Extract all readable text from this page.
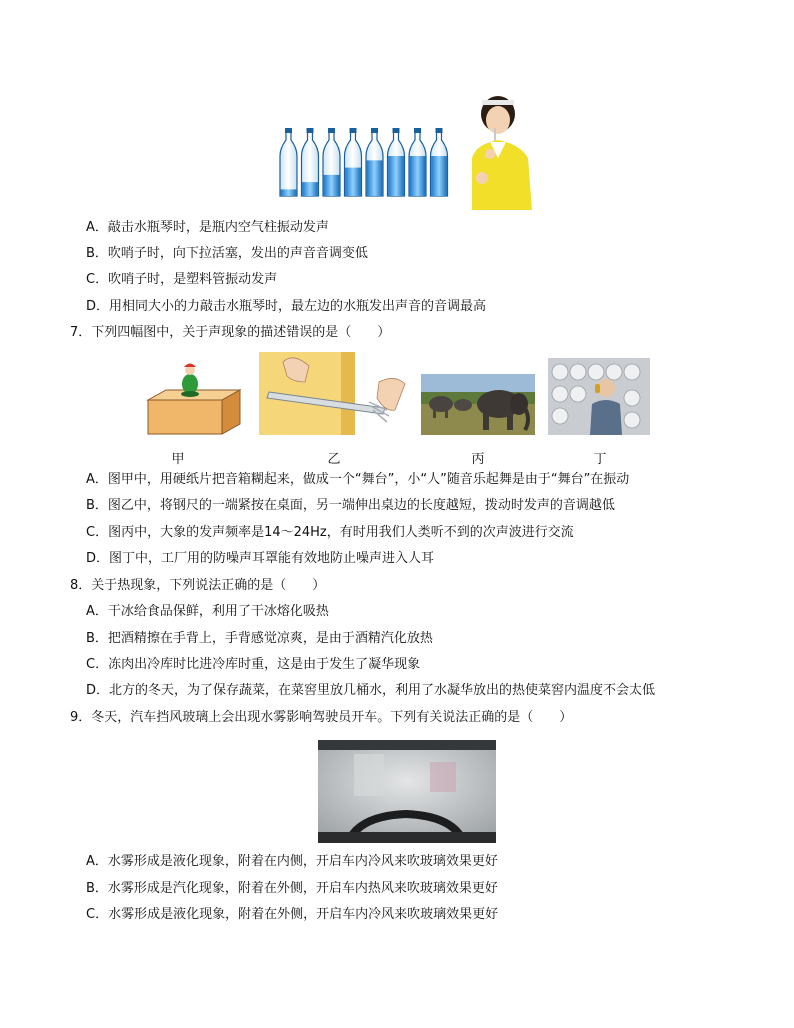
A．敲击水瓶琴时，是瓶内空气柱振动发声
B．吹哨子时，向下拉活塞，发出的声音音调变低
C．吹哨子时，是塑料管振动发声
D．用相同大小的力敲击水瓶琴时，最左边的水瓶发出声音的音调最高
7．下列四幅图中，关于声现象的描述错误的是（　　）
甲	乙	丙	丁
A．图甲中，用硬纸片把音箱糊起来，做成一个“舞台”，小“人”随音乐起舞是由于“舞台”在振动
B．图乙中，将钢尺的一端紧按在桌面，另一端伸出桌边的长度越短，拨动时发声的音调越低
C．图丙中，大象的发声频率是14～24Hz，有时用我们人类听不到的次声波进行交流
D．图丁中，工厂用的防噪声耳罩能有效地防止噪声进入人耳
8．关于热现象，下列说法正确的是（　　）
A．干冰给食品保鲜，利用了干冰熔化吸热
B．把酒精擦在手背上，手背感觉凉爽，是由于酒精汽化放热
C．冻肉出冷库时比进冷库时重，这是由于发生了凝华现象
D．北方的冬天，为了保存蔬菜，在菜窖里放几桶水，利用了水凝华放出的热使菜窖内温度不会太低
9．冬天，汽车挡风玻璃上会出现水雾影响驾驶员开车。下列有关说法正确的是（　　）
A．水雾形成是液化现象，附着在内侧，开启车内冷风来吹玻璃效果更好
B．水雾形成是汽化现象，附着在外侧，开启车内热风来吹玻璃效果更好
C．水雾形成是液化现象，附着在外侧，开启车内冷风来吹玻璃效果更好
